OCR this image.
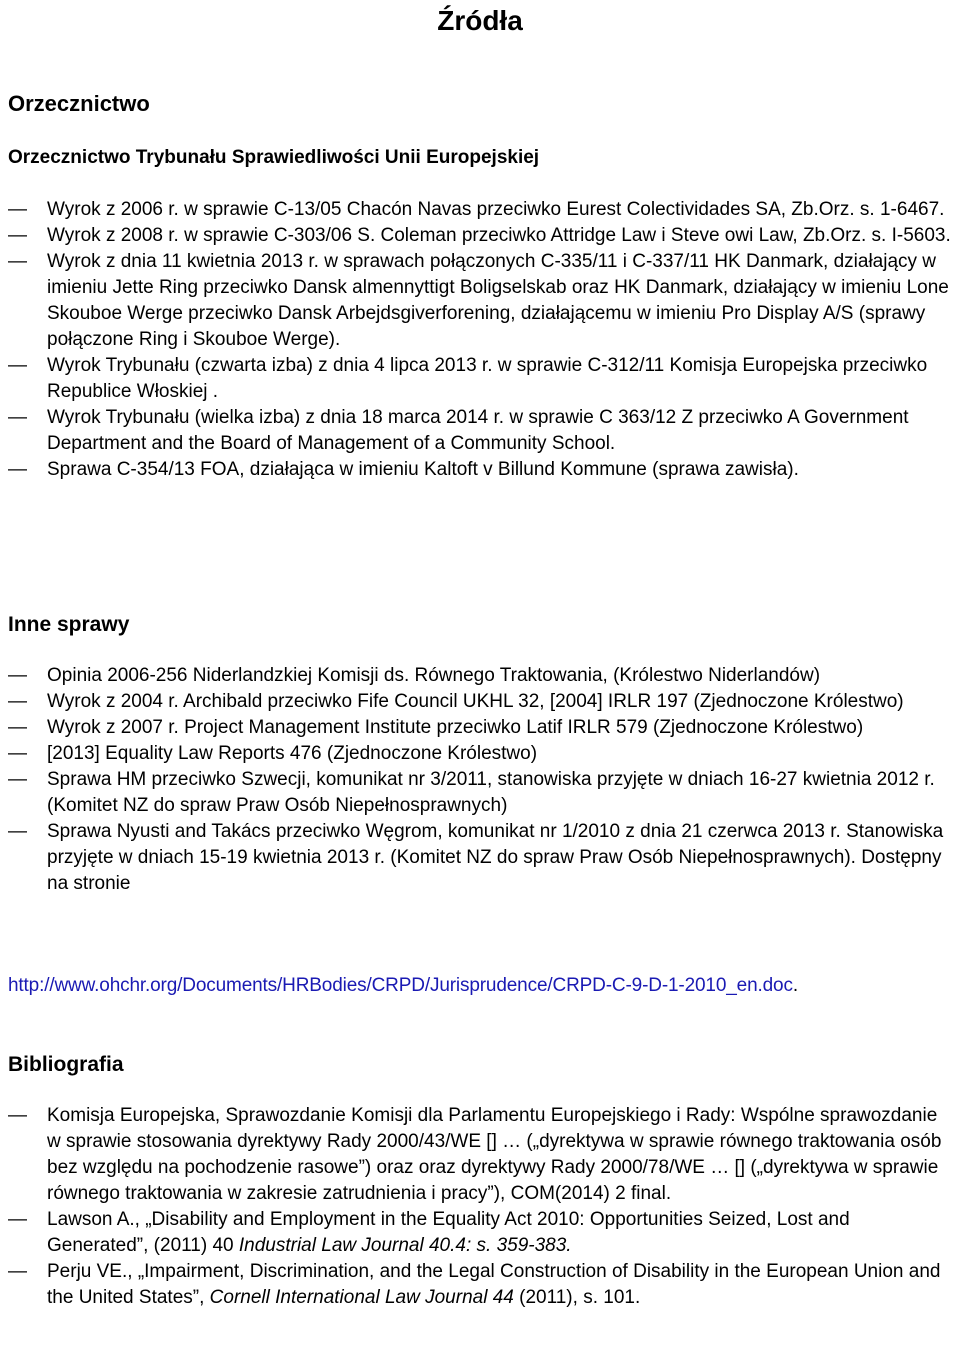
Źródła
Orzecznictwo
Orzecznictwo Trybunału Sprawiedliwości Unii Europejskiej
—	Wyrok z 2006 r. w sprawie C-13/05 Chacón Navas przeciwko Eurest Colectividades SA, Zb.Orz. s. 1-6467.
—	Wyrok z 2008 r. w sprawie C-303/06 S. Coleman przeciwko Attridge Law i Steve owi Law, Zb.Orz. s. I-5603.
—	Wyrok z dnia 11 kwietnia 2013 r. w sprawach połączonych C-335/11 i C-337/11 HK Danmark, działający w imieniu Jette Ring przeciwko Dansk almennyttigt Boligselskab oraz HK Danmark, działający w imieniu Lone Skouboe Werge przeciwko Dansk Arbejdsgiverforening, działającemu w imieniu Pro Display A/S (sprawy połączone Ring i Skouboe Werge).
—	Wyrok Trybunału (czwarta izba) z dnia 4 lipca 2013 r. w sprawie C-312/11 Komisja Europejska przeciwko Republice Włoskiej .
—	Wyrok Trybunału (wielka izba) z dnia 18 marca 2014 r. w sprawie C 363/12 Z przeciwko A Government Department and the Board of Management of a Community School.
—	Sprawa C-354/13 FOA, działająca w imieniu Kaltoft v Billund Kommune (sprawa zawisła).
Inne sprawy
—	Opinia 2006-256 Niderlandzkiej Komisji ds. Równego Traktowania, (Królestwo Niderlandów)
—	Wyrok z 2004 r. Archibald przeciwko Fife Council UKHL 32, [2004] IRLR 197 (Zjednoczone Królestwo)
—	Wyrok z 2007 r. Project Management Institute przeciwko Latif IRLR 579 (Zjednoczone Królestwo)
—	[2013] Equality Law Reports 476 (Zjednoczone Królestwo)
—	Sprawa HM przeciwko Szwecji, komunikat nr 3/2011, stanowiska przyjęte w dniach 16-27 kwietnia 2012 r. (Komitet NZ do spraw Praw Osób Niepełnosprawnych)
—	Sprawa Nyusti and Takács przeciwko Węgrom, komunikat nr 1/2010 z dnia 21 czerwca 2013 r. Stanowiska przyjęte w dniach 15-19 kwietnia 2013 r. (Komitet NZ do spraw Praw Osób Niepełnosprawnych). Dostępny na stronie
http://www.ohchr.org/Documents/HRBodies/CRPD/Jurisprudence/CRPD-C-9-D-1-2010_en.doc.
Bibliografia
—	Komisja Europejska, Sprawozdanie Komisji dla Parlamentu Europejskiego i Rady: Wspólne sprawozdanie w sprawie stosowania dyrektywy Rady 2000/43/WE [] … („dyrektywa w sprawie równego traktowania osób bez względu na pochodzenie rasowe”) oraz oraz dyrektywy Rady 2000/78/WE … [] („dyrektywa w sprawie równego traktowania w zakresie zatrudnienia i pracy”), COM(2014) 2 final.
—	Lawson A., „Disability and Employment in the Equality Act 2010: Opportunities Seized, Lost and Generated”, (2011) 40 Industrial Law Journal 40.4: s. 359-383.
—	Perju VE., „Impairment, Discrimination, and the Legal Construction of Disability in the European Union and the United States”, Cornell International Law Journal 44 (2011), s. 101.
